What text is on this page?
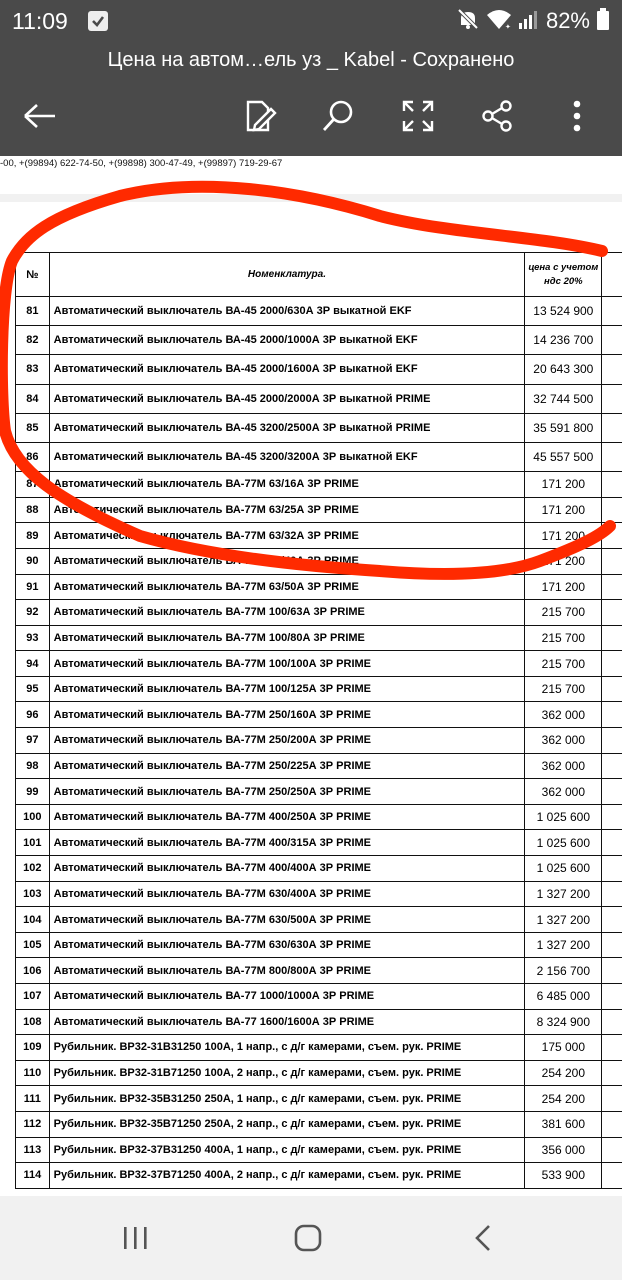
11:09	✦ 82%
Цена на автом…ель уз _ Kabel - Сохранено
-00, +(99894) 622-74-50, +(99898) 300-47-49, +(99897) 719-29-67
№	Номенклатура.	цена с учетом ндс 20%	
81	Автоматический выключатель ВА-45 2000/630А 3Р выкатной EKF	13 524 900	
82	Автоматический выключатель ВА-45 2000/1000А 3Р выкатной EKF	14 236 700	
83	Автоматический выключатель ВА-45 2000/1600А 3Р выкатной EKF	20 643 300	
84	Автоматический выключатель ВА-45 2000/2000А 3Р выкатной PRIME	32 744 500	
85	Автоматический выключатель ВА-45 3200/2500А 3Р выкатной PRIME	35 591 800	
86	Автоматический выключатель ВА-45 3200/3200А 3Р выкатной EKF	45 557 500	
87	Автоматический выключатель ВА-77М 63/16А 3Р PRIME	171 200	
88	Автоматический выключатель ВА-77М 63/25А 3Р PRIME	171 200	
89	Автоматический выключатель ВА-77М 63/32А 3Р PRIME	171 200	
90	Автоматический выключатель ВА-77М 63/40А 3Р PRIME	171 200	
91	Автоматический выключатель ВА-77М 63/50А 3Р PRIME	171 200	
92	Автоматический выключатель ВА-77М 100/63А 3Р PRIME	215 700	
93	Автоматический выключатель ВА-77М 100/80А 3Р PRIME	215 700	
94	Автоматический выключатель ВА-77М 100/100А 3Р PRIME	215 700	
95	Автоматический выключатель ВА-77М 100/125А 3Р PRIME	215 700	
96	Автоматический выключатель ВА-77М 250/160А 3Р PRIME	362 000	
97	Автоматический выключатель ВА-77М 250/200А 3Р PRIME	362 000	
98	Автоматический выключатель ВА-77М 250/225А 3Р PRIME	362 000	
99	Автоматический выключатель ВА-77М 250/250А 3Р PRIME	362 000	
100	Автоматический выключатель ВА-77М 400/250А 3Р PRIME	1 025 600	
101	Автоматический выключатель ВА-77М 400/315А 3Р PRIME	1 025 600	
102	Автоматический выключатель ВА-77М 400/400А 3Р PRIME	1 025 600	
103	Автоматический выключатель ВА-77М 630/400А 3Р PRIME	1 327 200	
104	Автоматический выключатель ВА-77М 630/500А 3Р PRIME	1 327 200	
105	Автоматический выключатель ВА-77М 630/630А 3Р PRIME	1 327 200	
106	Автоматический выключатель ВА-77М 800/800А 3Р PRIME	2 156 700	
107	Автоматический выключатель ВА-77 1000/1000А 3Р PRIME	6 485 000	
108	Автоматический выключатель ВА-77 1600/1600А 3Р PRIME	8 324 900	
109	Рубильник. ВР32-31В31250 100А, 1 напр., с д/г камерами, съем. рук. PRIME	175 000	
110	Рубильник. ВР32-31В71250 100А, 2 напр., с д/г камерами, съем. рук. PRIME	254 200	
111	Рубильник. ВР32-35В31250 250А, 1 напр., с д/г камерами, съем. рук. PRIME	254 200	
112	Рубильник. ВР32-35В71250 250А, 2 напр., с д/г камерами, съем. рук. PRIME	381 600	
113	Рубильник. ВР32-37В31250 400А, 1 напр., с д/г камерами, съем. рук. PRIME	356 000	
114	Рубильник. ВР32-37В71250 400А, 2 напр., с д/г камерами, съем. рук. PRIME	533 900	
